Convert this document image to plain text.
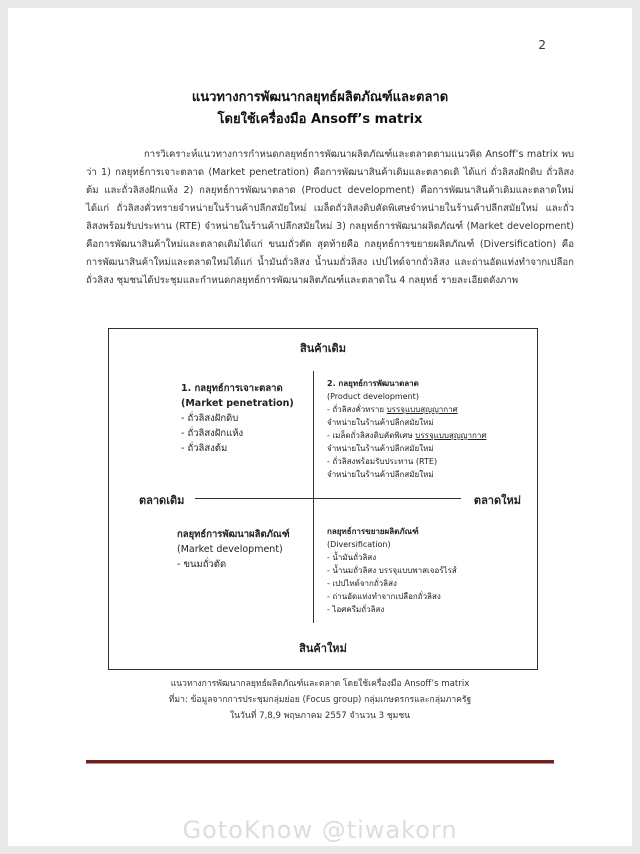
2
แนวทางการพัฒนากลยุทธ์ผลิตภัณฑ์และตลาด
โดยใช้เครื่องมือ Ansoff’s matrix
การวิเคราะห์แนวทางการกำหนดกลยุทธ์การพัฒนาผลิตภัณฑ์และตลาดตามแนวคิด Ansoff’s matrix พบว่า 1) กลยุทธ์การเจาะตลาด (Market penetration) คือการพัฒนาสินค้าเดิมและตลาดเดิ ได้แก่ ถั่วลิสงฝักดิบ ถั่วลิสงต้ม และถั่วลิสงฝักแห้ง 2) กลยุทธ์การพัฒนาตลาด (Product development) คือการพัฒนาสินค้าเดิมและตลาดใหม่ ได้แก่ ถั่วลิสงคั่วทรายจำหน่ายในร้านค้าปลีกสมัยใหม่ เมล็ดถั่วลิสงดิบคัดพิเศษจำหน่ายในร้านค้าปลีกสมัยใหม่ และถั่วลิสงพร้อมรับประทาน (RTE) จำหน่ายในร้านค้าปลีกสมัยใหม่ 3) กลยุทธ์การพัฒนาผลิตภัณฑ์ (Market development) คือการพัฒนาสินค้าใหม่และตลาดเดิมได้แก่ ขนมถั่วตัด สุดท้ายคือ กลยุทธ์การขยายผลิตภัณฑ์ (Diversification) คือการพัฒนาสินค้าใหม่และตลาดใหม่ได้แก่ น้ำมันถั่วลิสง น้ำนมถั่วลิสง เปปไทด์จากถั่วลิสง และถ่านอัดแท่งทำจากเปลือกถั่วลิสง ชุมชนได้ประชุมและกำหนดกลยุทธ์การพัฒนาผลิตภัณฑ์และตลาดใน 4 กลยุทธ์ รายละเอียดดังภาพ
สินค้าเดิม
สินค้าใหม่
ตลาดเดิม	ตลาดใหม่
1. กลยุทธ์การเจาะตลาด
(Market penetration)
- ถั่วลิสงฝักดิบ
- ถั่วลิสงฝักแห้ง
- ถั่วลิสงต้ม
2. กลยุทธ์การพัฒนาตลาด
(Product development)
- ถั่วลิสงคั่วทราย บรรจุแบบสุญญากาศ
จำหน่ายในร้านค้าปลีกสมัยใหม่
- เมล็ดถั่วลิสงดิบคัดพิเศษ บรรจุแบบสุญญากาศ
จำหน่ายในร้านค้าปลีกสมัยใหม่
- ถั่วลิสงพร้อมรับประทาน (RTE)
จำหน่ายในร้านค้าปลีกสมัยใหม่
กลยุทธ์การพัฒนาผลิตภัณฑ์
(Market development)
- ขนมถั่วตัด
กลยุทธ์การขยายผลิตภัณฑ์
(Diversification)
- น้ำมันถั่วลิสง
- น้ำนมถั่วลิสง บรรจุแบบพาสเจอร์ไรส์
- เปปไทด์จากถั่วลิสง
- ถ่านอัดแท่งทำจากเปลือกถั่วลิสง
- ไอศครีมถั่วลิสง
แนวทางการพัฒนากลยุทธ์ผลิตภัณฑ์และตลาด โดยใช้เครื่องมือ Ansoff’s matrix
ที่มา: ข้อมูลจากการประชุมกลุ่มย่อย (Focus group) กลุ่มเกษตรกรและกลุ่มภาครัฐ
ในวันที่ 7,8,9 พฤษภาคม 2557 จำนวน 3 ชุมชน
GotoKnow @tiwakorn
